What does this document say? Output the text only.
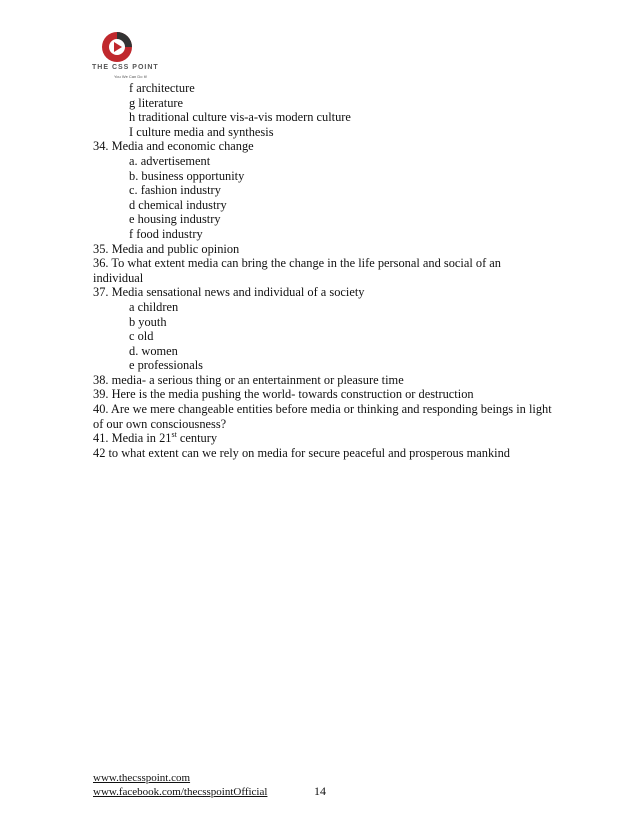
THE CSS POINT
You We Can Do It!
f architecture
g literature
h traditional culture vis-a-vis modern culture
I culture media and synthesis
34. Media and economic change
a. advertisement
b. business opportunity
c. fashion industry
d chemical industry
e housing industry
f food industry
35. Media and public opinion
36. To what extent media can bring the change in the life personal and social of an individual
37. Media sensational news and individual of a society
a children
b youth
c old
d. women
e professionals
38. media- a serious thing or an entertainment or pleasure time
39. Here is the media pushing the world- towards construction or destruction
40. Are we mere changeable entities before media or thinking and responding beings in light of our own consciousness?
41. Media in 21st century
42 to what extent can we rely on media for secure peaceful and prosperous mankind
www.thecsspoint.com
www.facebook.com/thecsspointOfficial	14
